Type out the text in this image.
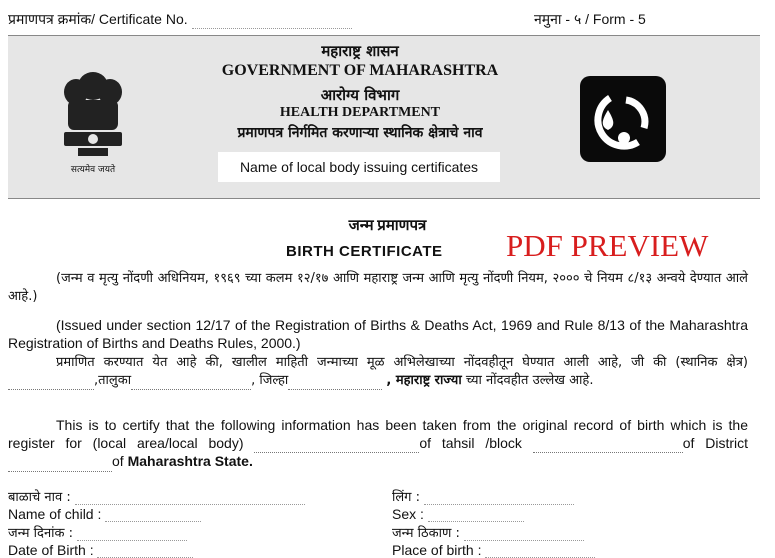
प्रमाणपत्र क्रमांक/ Certificate No.	नमुना - ५ / Form - 5
सत्यमेव जयते
महाराष्ट्र शासन
GOVERNMENT OF MAHARASHTRA
आरोग्य विभाग
HEALTH DEPARTMENT
प्रमाणपत्र निर्गमित करणाऱ्या स्थानिक क्षेत्राचे नाव
Name of local body issuing certificates
जन्म प्रमाणपत्र
BIRTH CERTIFICATE PDF PREVIEW
(जन्म व मृत्यु नोंदणी अधिनियम, १९६९ च्या कलम १२/१७ आणि महाराष्ट्र जन्म आणि मृत्यु नोंदणी नियम, २००० चे नियम ८/१३ अन्वये देण्यात आले आहे.)
(Issued under section 12/17 of the Registration of Births & Deaths Act, 1969 and Rule 8/13 of the Maharashtra Registration of Births and Deaths Rules, 2000.)
प्रमाणित करण्यात येत आहे की, खालील माहिती जन्माच्या मूळ अभिलेखाच्या नोंदवहीतून घेण्यात आली आहे, जी की (स्थानिक क्षेत्र) ,तालुका	, जिल्हा	, महाराष्ट्र राज्या च्या नोंदवहीत उल्लेख आहे.
This is to certify that the following information has been taken from the original record of birth which is the register for (local area/local body)	of tahsil /block	of District  of Maharashtra State.
बाळाचे नाव :
Name of child :
जन्म दिनांक :
Date of Birth :
लिंग :
Sex :
जन्म ठिकाण :
Place of birth :
